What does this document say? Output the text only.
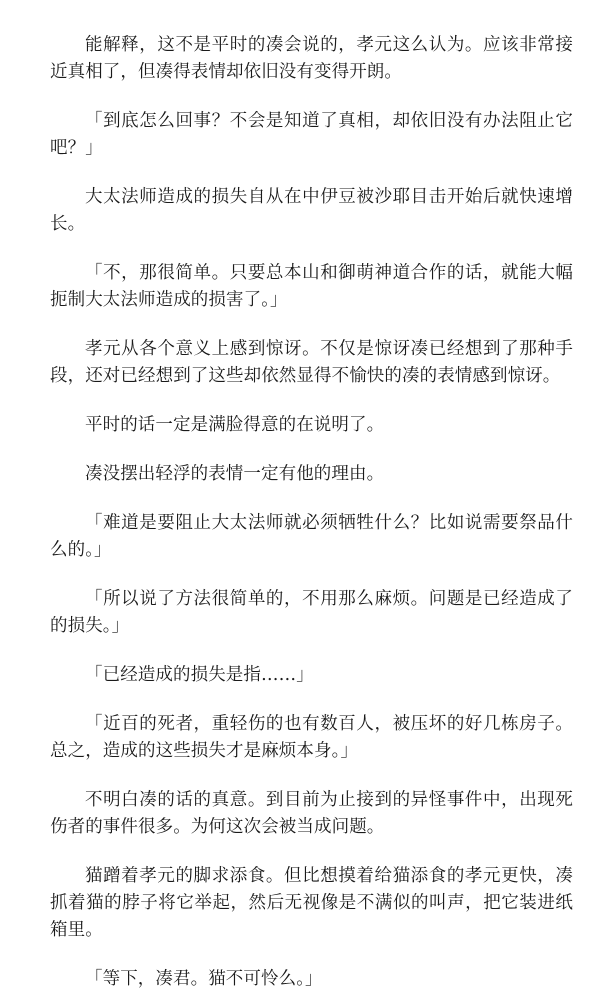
能解释，这不是平时的凑会说的，孝元这么认为。应该非常接近真相了，但凑得表情却依旧没有变得开朗。

「到底怎么回事？不会是知道了真相，却依旧没有办法阻止它吧？」

大太法师造成的损失自从在中伊豆被沙耶目击开始后就快速增长。

「不，那很简单。只要总本山和御萌神道合作的话，就能大幅扼制大太法师造成的损害了。」

孝元从各个意义上感到惊讶。不仅是惊讶凑已经想到了那种手段，还对已经想到了这些却依然显得不愉快的凑的表情感到惊讶。

平时的话一定是满脸得意的在说明了。

凑没摆出轻浮的表情一定有他的理由。

「难道是要阻止大太法师就必须牺牲什么？比如说需要祭品什么的。」

「所以说了方法很简单的，不用那么麻烦。问题是已经造成了的损失。」

「已经造成的损失是指……」

「近百的死者，重轻伤的也有数百人，被压坏的好几栋房子。总之，造成的这些损失才是麻烦本身。」

不明白凑的话的真意。到目前为止接到的异怪事件中，出现死伤者的事件很多。为何这次会被当成问题。

猫蹭着孝元的脚求添食。但比想摸着给猫添食的孝元更快，凑抓着猫的脖子将它举起，然后无视像是不满似的叫声，把它装进纸箱里。

「等下，凑君。猫不可怜么。」
